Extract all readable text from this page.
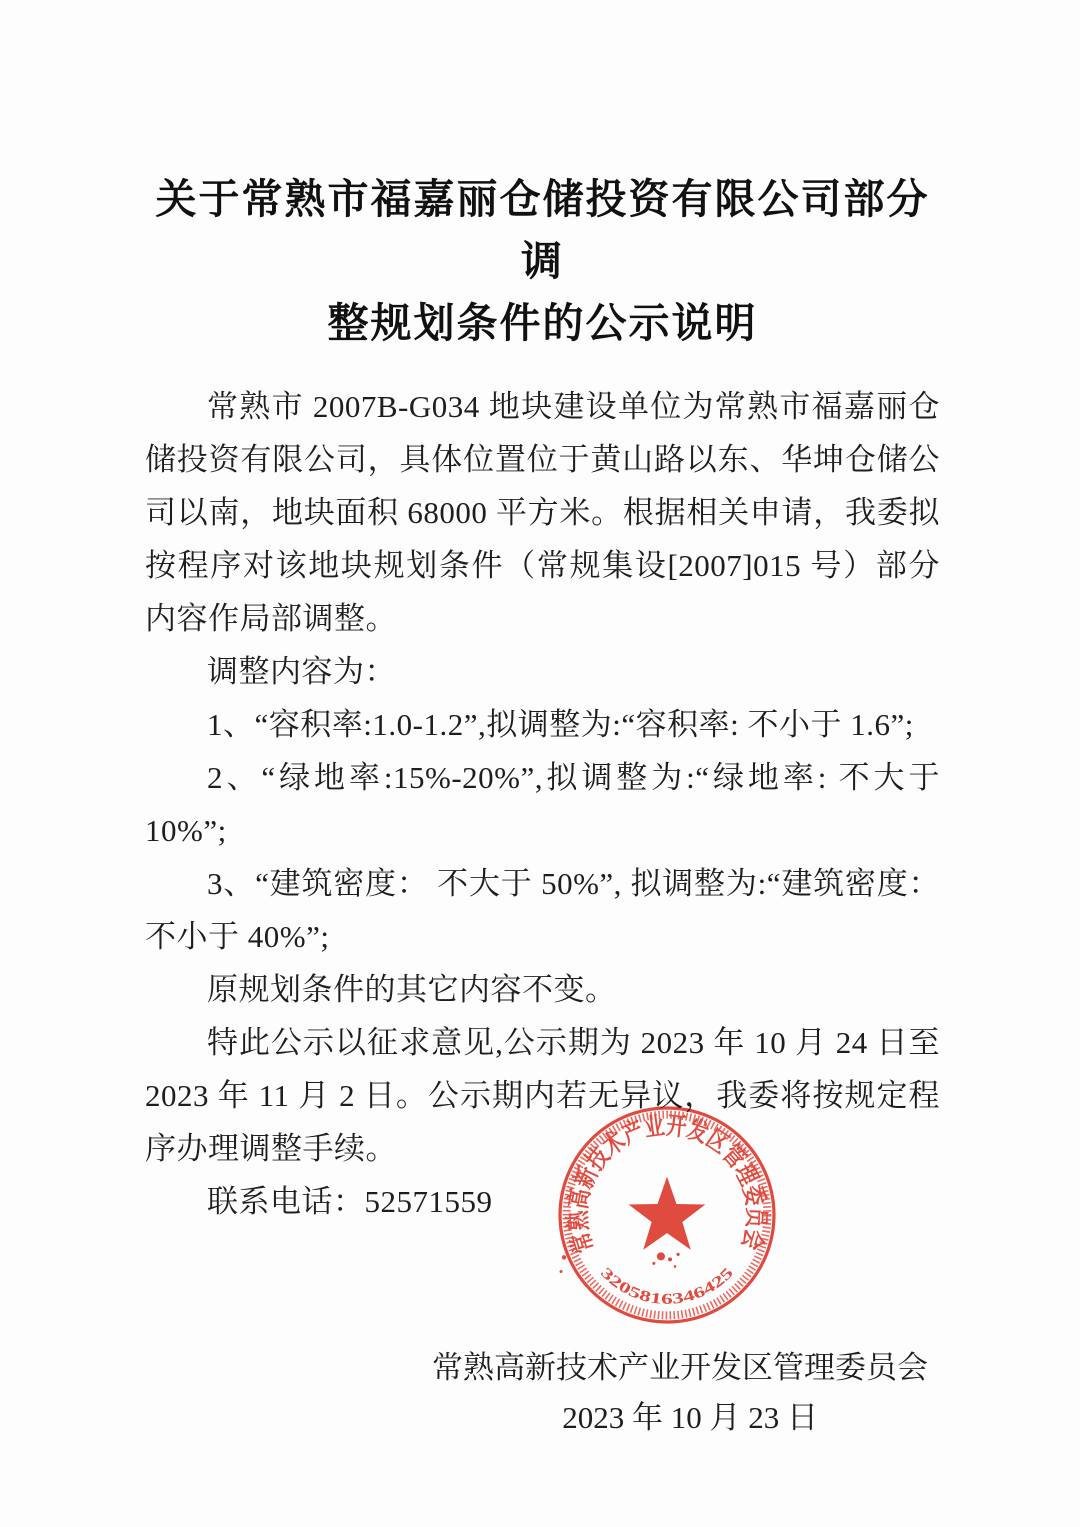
关于常熟市福嘉丽仓储投资有限公司部分调
整规划条件的公示说明

常熟市 2007B-G034 地块建设单位为常熟市福嘉丽仓储投资有限公司，具体位置位于黄山路以东、华坤仓储公司以南，地块面积 68000 平方米。根据相关申请，我委拟按程序对该地块规划条件（常规集设[2007]015 号）部分内容作局部调整。

调整内容为：

1、“容积率:1.0-1.2”,拟调整为:“容积率: 不小于 1.6”;

2、“绿地率:15%-20%”,拟调整为:“绿地率: 不大于 10%”;

3、“建筑密度： 不大于 50%”, 拟调整为:“建筑密度： 不小于 40%”;

原规划条件的其它内容不变。

特此公示以征求意见,公示期为 2023 年 10 月 24 日至 2023 年 11 月 2 日。公示期内若无异议，我委将按规定程序办理调整手续。

联系电话：52571559

常熟高新技术产业开发区管理委员会
2023 年 10 月 23 日
常熟高新技术产业开发区管理委员会
3205816346425
